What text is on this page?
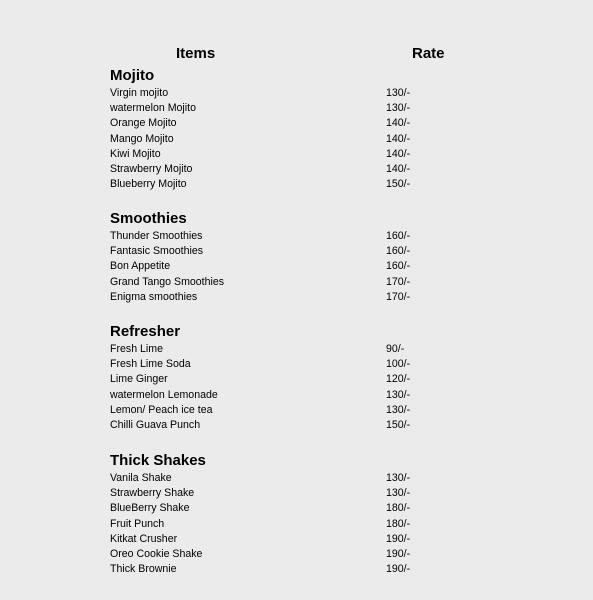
Items	Rate
Mojito
Virgin mojito	130/-
watermelon Mojito	130/-
Orange Mojito	140/-
Mango Mojito	140/-
Kiwi Mojito	140/-
Strawberry Mojito	140/-
Blueberry Mojito	150/-
Smoothies
Thunder Smoothies	160/-
Fantasic Smoothies	160/-
Bon Appetite	160/-
Grand Tango Smoothies	170/-
Enigma smoothies	170/-
Refresher
Fresh Lime	90/-
Fresh Lime Soda	100/-
Lime Ginger	120/-
watermelon Lemonade	130/-
Lemon/ Peach ice tea	130/-
Chilli Guava Punch	150/-
Thick Shakes
Vanila Shake	130/-
Strawberry Shake	130/-
BlueBerry Shake	180/-
Fruit Punch	180/-
Kitkat Crusher	190/-
Oreo Cookie Shake	190/-
Thick Brownie	190/-
